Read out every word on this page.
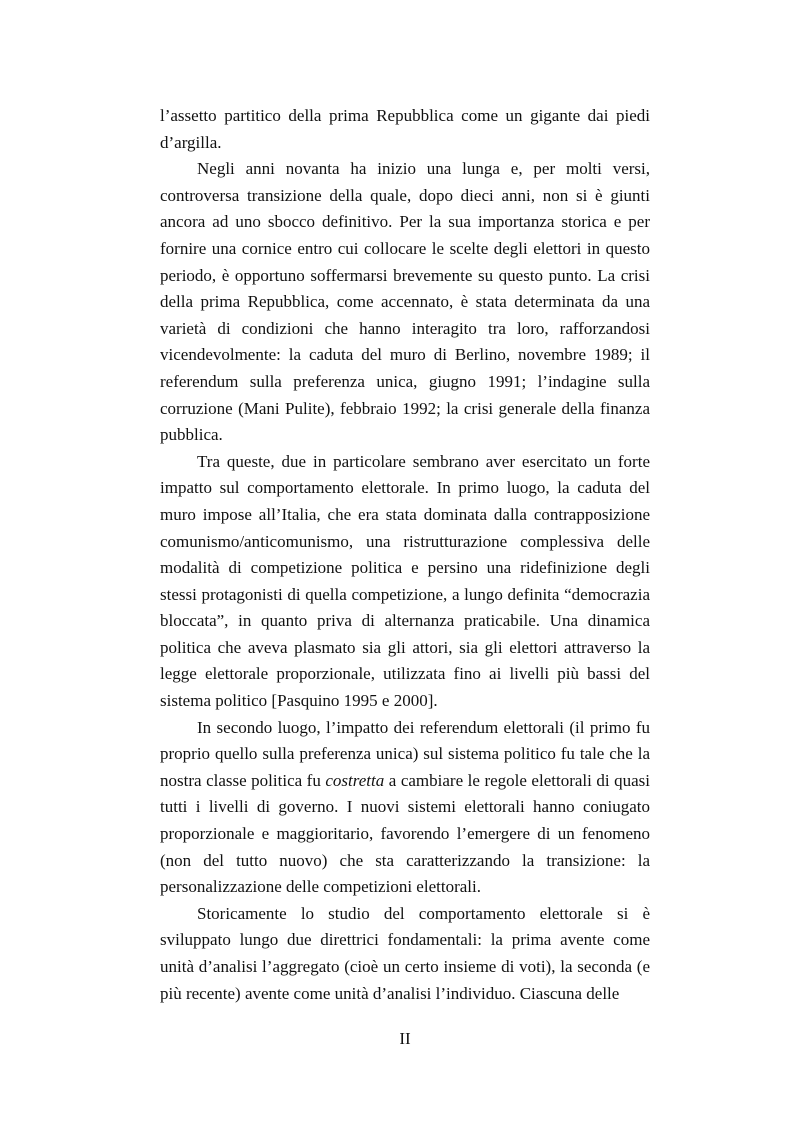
l’assetto partitico della prima Repubblica come un gigante dai piedi d’argilla.

Negli anni novanta ha inizio una lunga e, per molti versi, controversa transizione della quale, dopo dieci anni, non si è giunti ancora ad uno sbocco definitivo. Per la sua importanza storica e per fornire una cornice entro cui collocare le scelte degli elettori in questo periodo, è opportuno soffermarsi brevemente su questo punto. La crisi della prima Repubblica, come accennato, è stata determinata da una varietà di condizioni che hanno interagito tra loro, rafforzandosi vicendevolmente: la caduta del muro di Berlino, novembre 1989; il referendum sulla preferenza unica, giugno 1991; l’indagine sulla corruzione (Mani Pulite), febbraio 1992; la crisi generale della finanza pubblica.

Tra queste, due in particolare sembrano aver esercitato un forte impatto sul comportamento elettorale. In primo luogo, la caduta del muro impose all’Italia, che era stata dominata dalla contrapposizione comunismo/anticomunismo, una ristrutturazione complessiva delle modalità di competizione politica e persino una ridefinizione degli stessi protagonisti di quella competizione, a lungo definita “democrazia bloccata”, in quanto priva di alternanza praticabile. Una dinamica politica che aveva plasmato sia gli attori, sia gli elettori attraverso la legge elettorale proporzionale, utilizzata fino ai livelli più bassi del sistema politico [Pasquino 1995 e 2000].

In secondo luogo, l’impatto dei referendum elettorali (il primo fu proprio quello sulla preferenza unica) sul sistema politico fu tale che la nostra classe politica fu costretta a cambiare le regole elettorali di quasi tutti i livelli di governo. I nuovi sistemi elettorali hanno coniugato proporzionale e maggioritario, favorendo l’emergere di un fenomeno (non del tutto nuovo) che sta caratterizzando la transizione: la personalizzazione delle competizioni elettorali.

Storicamente lo studio del comportamento elettorale si è sviluppato lungo due direttrici fondamentali: la prima avente come unità d’analisi l’aggregato (cioè un certo insieme di voti), la seconda (e più recente) avente come unità d’analisi l’individuo. Ciascuna delle

II
